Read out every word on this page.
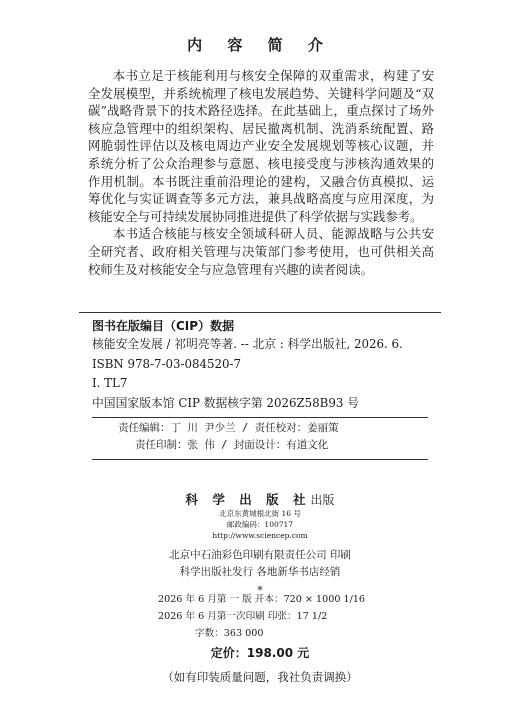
内 容 简 介

本书立足于核能利用与核安全保障的双重需求，构建了安全发展模型，并系统梳理了核电发展趋势、关键科学问题及“双碳”战略背景下的技术路径选择。在此基础上，重点探讨了场外核应急管理中的组织架构、居民撤离机制、洗消系统配置、路网脆弱性评估以及核电周边产业安全发展规划等核心议题，并系统分析了公众治理参与意愿、核电接受度与涉核沟通效果的作用机制。本书既注重前沿理论的建构，又融合仿真模拟、运筹优化与实证调查等多元方法，兼具战略高度与应用深度，为核能安全与可持续发展协同推进提供了科学依据与实践参考。

本书适合核能与核安全领域科研人员、能源战略与公共安全研究者、政府相关管理与决策部门参考使用，也可供相关高校师生及对核能安全与应急管理有兴趣的读者阅读。

图书在版编目（CIP）数据
核能安全发展 / 祁明亮等著. -- 北京 : 科学出版社, 2026. 6.
ISBN 978-7-03-084520-7
Ⅰ. TL7
中国国家版本馆 CIP 数据核字第 2026Z58B93 号
责任编辑：丁 川 尹少兰 / 责任校对：姜丽策
责任印制：张 伟 / 封面设计：有道文化
科 学 出 版 社出版
北京东黄城根北街 16 号
邮政编码：100717
http://www.sciencep.com
北京中石油彩色印刷有限责任公司 印刷
科学出版社发行 各地新华书店经销
*
2026 年 6 月第 一 版 开本：720 × 1000 1/16
2026 年 6 月第一次印刷 印张：17 1/2
字数：363 000
定价：198.00 元
（如有印装质量问题，我社负责调换）
